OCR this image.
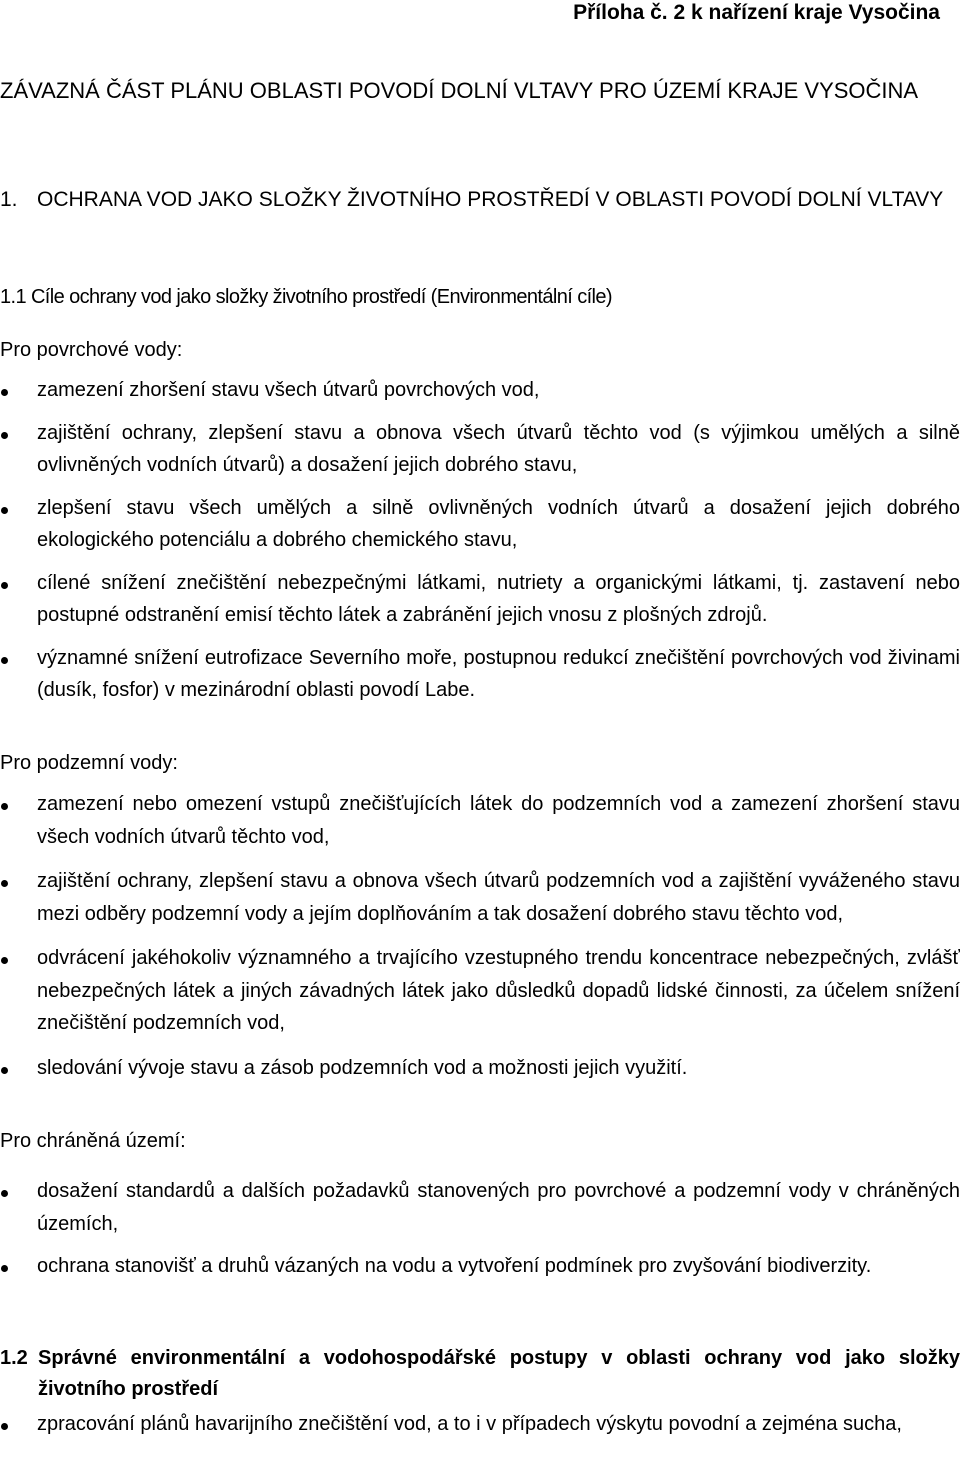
Příloha č. 2 k nařízení kraje Vysočina
ZÁVAZNÁ ČÁST PLÁNU OBLASTI POVODÍ DOLNÍ VLTAVY PRO ÚZEMÍ KRAJE VYSOČINA
1. OCHRANA VOD JAKO SLOŽKY ŽIVOTNÍHO PROSTŘEDÍ V OBLASTI POVODÍ DOLNÍ VLTAVY
1.1 Cíle ochrany vod jako složky životního prostředí (Environmentální cíle)
Pro povrchové vody:
zamezení zhoršení stavu všech útvarů povrchových vod,
zajištění ochrany, zlepšení stavu a obnova všech útvarů těchto vod (s výjimkou umělých a silně ovlivněných vodních útvarů) a dosažení jejich dobrého stavu,
zlepšení stavu všech umělých a silně ovlivněných vodních útvarů a dosažení jejich dobrého ekologického potenciálu a dobrého chemického stavu,
cílené snížení znečištění nebezpečnými látkami, nutriety a organickými látkami, tj. zastavení nebo postupné odstranění emisí těchto látek a zabránění jejich vnosu z plošných zdrojů.
významné snížení eutrofizace Severního moře, postupnou redukcí znečištění povrchových vod živinami (dusík, fosfor) v mezinárodní oblasti povodí Labe.
Pro podzemní vody:
zamezení nebo omezení vstupů znečišťujících látek do podzemních vod a zamezení zhoršení stavu všech vodních útvarů těchto vod,
zajištění ochrany, zlepšení stavu a obnova všech útvarů podzemních vod a zajištění vyváženého stavu mezi odběry podzemní vody a jejím doplňováním a tak dosažení dobrého stavu těchto vod,
odvrácení jakéhokoliv významného a trvajícího vzestupného trendu koncentrace nebezpečných, zvlášť nebezpečných látek a jiných závadných látek jako důsledků dopadů lidské činnosti, za účelem snížení znečištění podzemních vod,
sledování vývoje stavu a zásob podzemních vod a možnosti jejich využití.
Pro chráněná území:
dosažení standardů a dalších požadavků stanovených pro povrchové a podzemní vody v chráněných územích,
ochrana stanovišť a druhů vázaných na vodu a vytvoření podmínek pro zvyšování biodiverzity.
1.2 Správné environmentální a vodohospodářské postupy v oblasti ochrany vod jako složky životního prostředí
zpracování plánů havarijního znečištění vod, a to i v případech výskytu povodní a zejména sucha,
